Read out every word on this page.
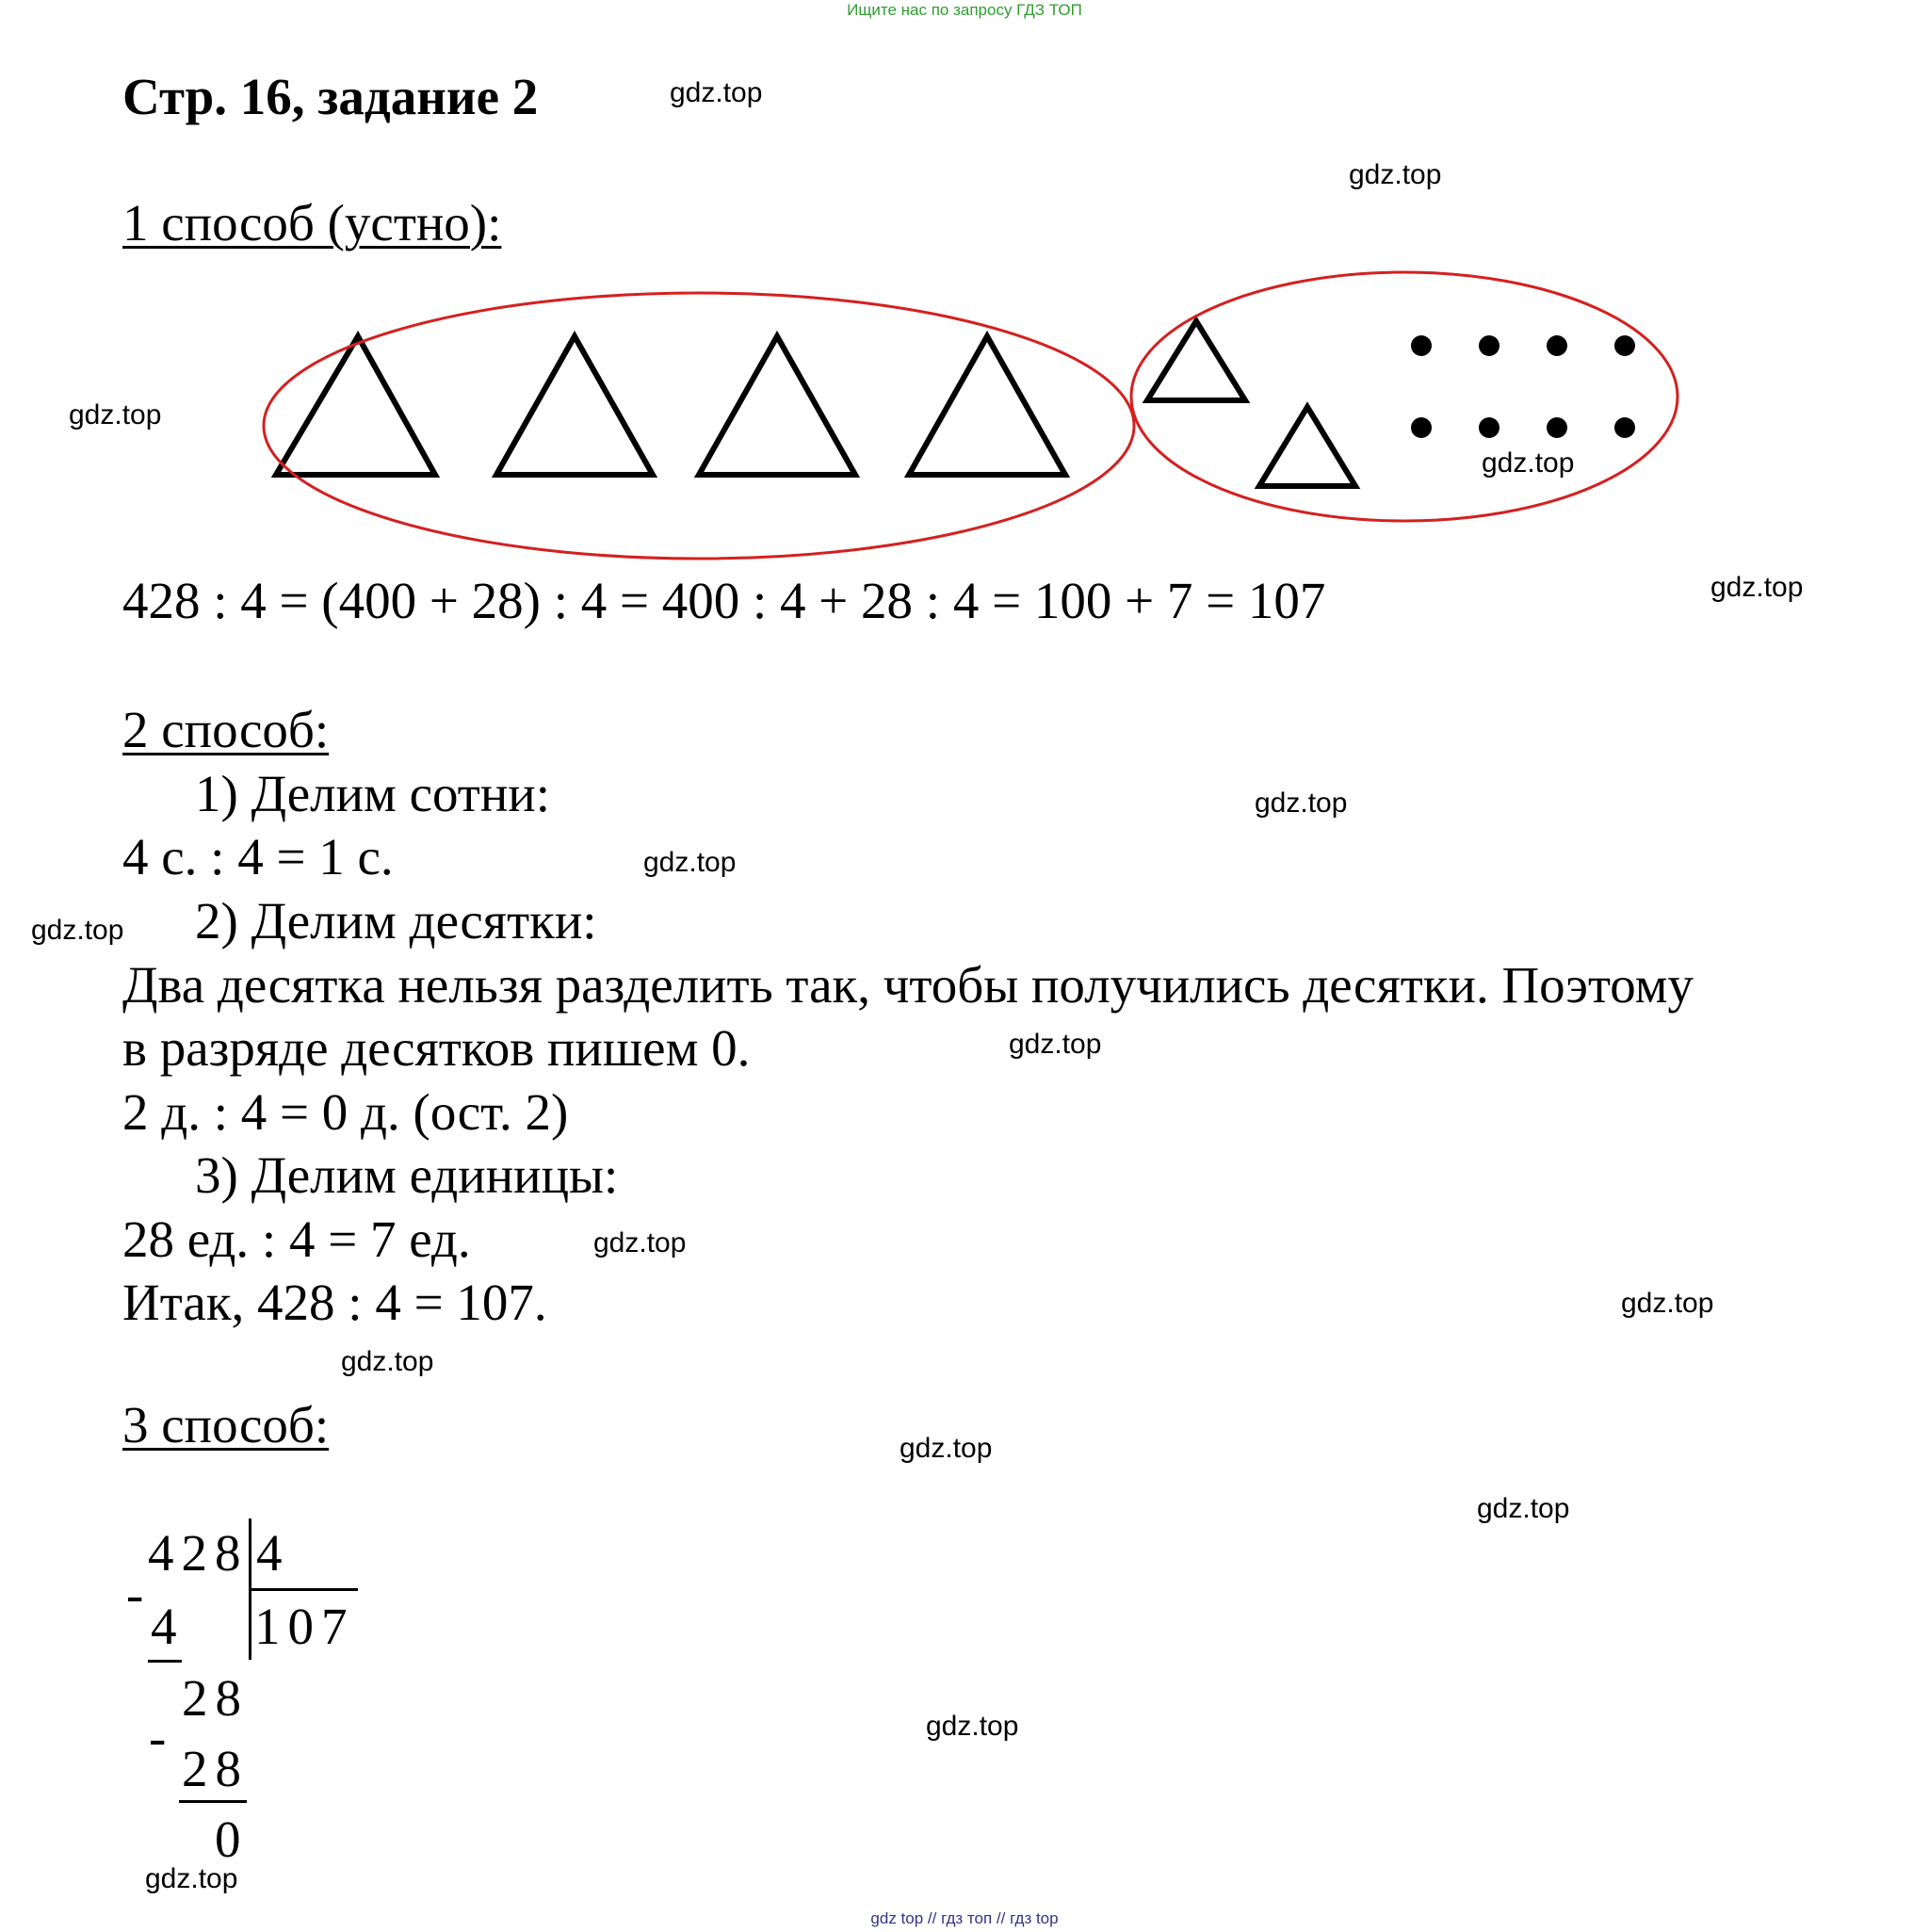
Ищите нас по запросу ГДЗ ТОП
Стр. 16, задание 2
1 способ (устно):
428 : 4 = (400 + 28) : 4 = 400 : 4 + 28 : 4 = 100 + 7 = 107
2 способ:
1) Делим сотни:
4 с. : 4 = 1 с.
2) Делим десятки:
Два десятка нельзя разделить так, чтобы получились десятки. Поэтому
в разряде десятков пишем 0.
2 д. : 4 = 0 д. (ост. 2)
3) Делим единицы:
28 ед. : 4 = 7 ед.
Итак, 428 : 4 = 107.
3 способ:
428 4
-
4 107
28
-
28
0
gdz.top
gdz.top
gdz.top
gdz.top
gdz.top
gdz.top
gdz.top
gdz.top
gdz.top
gdz.top
gdz.top
gdz.top
gdz.top
gdz.top
gdz.top
gdz.top
gdz top // гдз топ // гдз top
